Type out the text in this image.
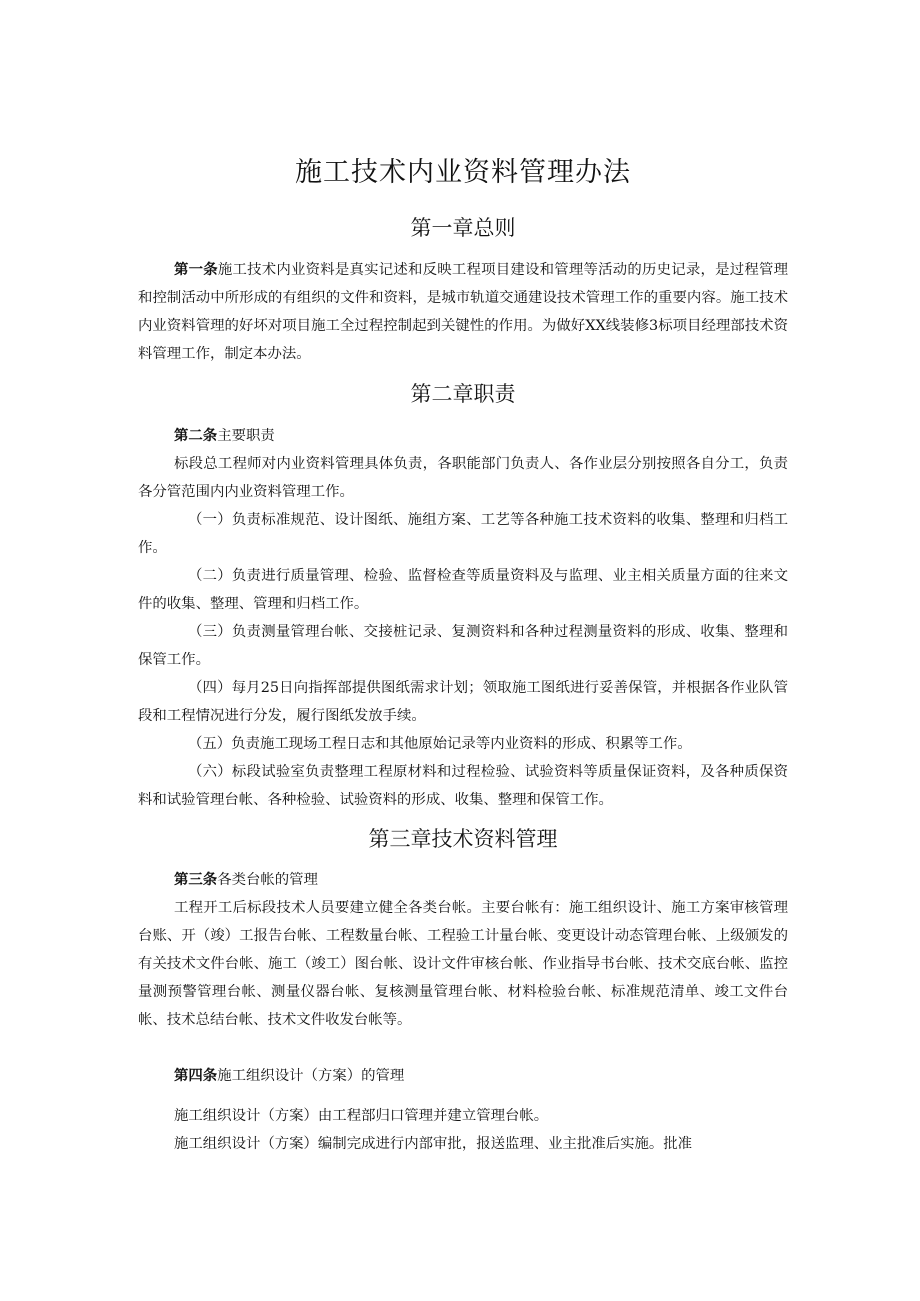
施工技术内业资料管理办法
第一章总则

第一条施工技术内业资料是真实记述和反映工程项目建设和管理等活动的历史记录，是过程管理和控制活动中所形成的有组织的文件和资料，是城市轨道交通建设技术管理工作的重要内容。施工技术内业资料管理的好坏对项目施工全过程控制起到关键性的作用。为做好XX线装修3标项目经理部技术资料管理工作，制定本办法。

第二章职责

第二条主要职责

标段总工程师对内业资料管理具体负责，各职能部门负责人、各作业层分别按照各自分工，负责各分管范围内内业资料管理工作。

（一）负责标准规范、设计图纸、施组方案、工艺等各种施工技术资料的收集、整理和归档工作。

（二）负责进行质量管理、检验、监督检查等质量资料及与监理、业主相关质量方面的往来文件的收集、整理、管理和归档工作。

（三）负责测量管理台帐、交接桩记录、复测资料和各种过程测量资料的形成、收集、整理和保管工作。

（四）每月25日向指挥部提供图纸需求计划；领取施工图纸进行妥善保管，并根据各作业队管段和工程情况进行分发，履行图纸发放手续。

（五）负责施工现场工程日志和其他原始记录等内业资料的形成、积累等工作。

（六）标段试验室负责整理工程原材料和过程检验、试验资料等质量保证资料，及各种质保资料和试验管理台帐、各种检验、试验资料的形成、收集、整理和保管工作。

第三章技术资料管理

第三条各类台帐的管理

工程开工后标段技术人员要建立健全各类台帐。主要台帐有：施工组织设计、施工方案审核管理台账、开（竣）工报告台帐、工程数量台帐、工程验工计量台帐、变更设计动态管理台帐、上级颁发的有关技术文件台帐、施工（竣工）图台帐、设计文件审核台帐、作业指导书台帐、技术交底台帐、监控量测预警管理台帐、测量仪器台帐、复核测量管理台帐、材料检验台帐、标准规范清单、竣工文件台帐、技术总结台帐、技术文件收发台帐等。

第四条施工组织设计（方案）的管理

施工组织设计（方案）由工程部归口管理并建立管理台帐。

施工组织设计（方案）编制完成进行内部审批，报送监理、业主批准后实施。批准
